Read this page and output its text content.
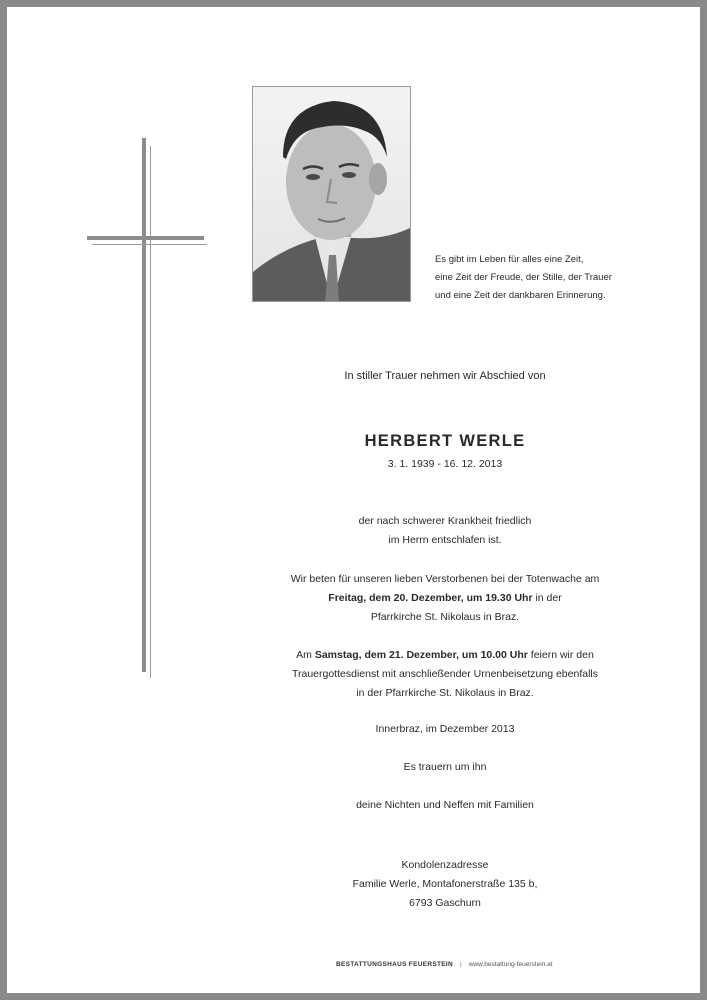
Es gibt im Leben für alles eine Zeit,
eine Zeit der Freude, der Stille, der Trauer
und eine Zeit der dankbaren Erinnerung.
In stiller Trauer nehmen wir Abschied von
HERBERT WERLE
3. 1. 1939 - 16. 12. 2013
der nach schwerer Krankheit friedlich
im Herrn entschlafen ist.
Wir beten für unseren lieben Verstorbenen bei der Totenwache am
Freitag, dem 20. Dezember, um 19.30 Uhr in der
Pfarrkirche St. Nikolaus in Braz.
Am Samstag, dem 21. Dezember, um 10.00 Uhr feiern wir den
Trauergottesdienst mit anschließender Urnenbeisetzung ebenfalls
in der Pfarrkirche St. Nikolaus in Braz.
Innerbraz, im Dezember 2013
Es trauern um ihn
deine Nichten und Neffen mit Familien
Kondolenzadresse
Familie Werle, Montafonerstraße 135 b,
6793 Gaschurn
BESTATTUNGSHAUS FEUERSTEIN | www.bestattung-feuerstein.at
